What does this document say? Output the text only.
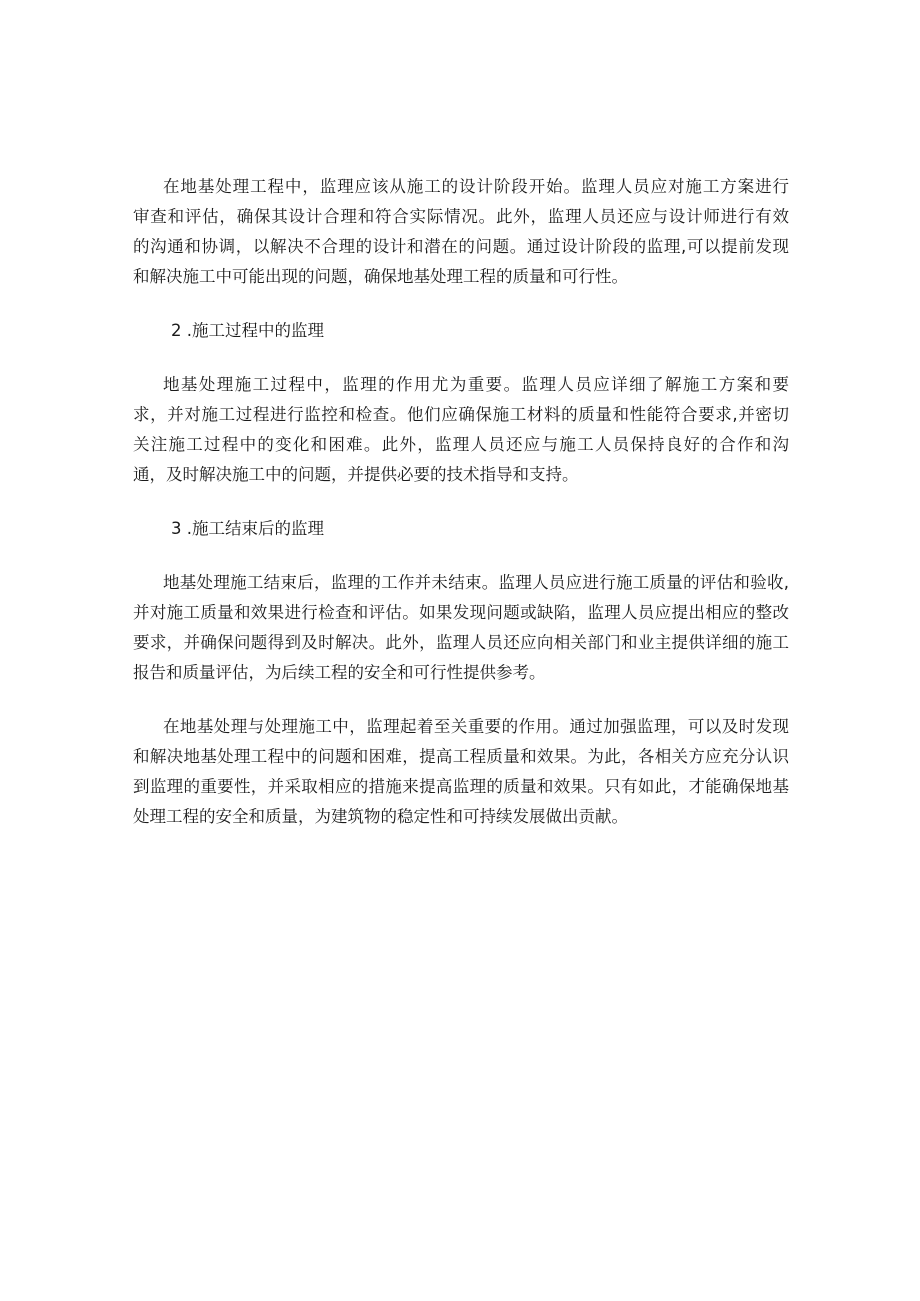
在地基处理工程中，监理应该从施工的设计阶段开始。监理人员应对施工方案进行
审查和评估，确保其设计合理和符合实际情况。此外，监理人员还应与设计师进行有效
的沟通和协调，以解决不合理的设计和潜在的问题。通过设计阶段的监理,可以提前发现
和解决施工中可能出现的问题，确保地基处理工程的质量和可行性。
2 .施工过程中的监理
地基处理施工过程中，监理的作用尤为重要。监理人员应详细了解施工方案和要
求，并对施工过程进行监控和检查。他们应确保施工材料的质量和性能符合要求,并密切
关注施工过程中的变化和困难。此外，监理人员还应与施工人员保持良好的合作和沟
通，及时解决施工中的问题，并提供必要的技术指导和支持。
3 .施工结束后的监理
地基处理施工结束后，监理的工作并未结束。监理人员应进行施工质量的评估和验收,
并对施工质量和效果进行检查和评估。如果发现问题或缺陷，监理人员应提出相应的整改
要求，并确保问题得到及时解决。此外，监理人员还应向相关部门和业主提供详细的施工
报告和质量评估，为后续工程的安全和可行性提供参考。
在地基处理与处理施工中，监理起着至关重要的作用。通过加强监理，可以及时发现
和解决地基处理工程中的问题和困难，提高工程质量和效果。为此，各相关方应充分认识
到监理的重要性，并采取相应的措施来提高监理的质量和效果。只有如此，才能确保地基
处理工程的安全和质量，为建筑物的稳定性和可持续发展做出贡献。
